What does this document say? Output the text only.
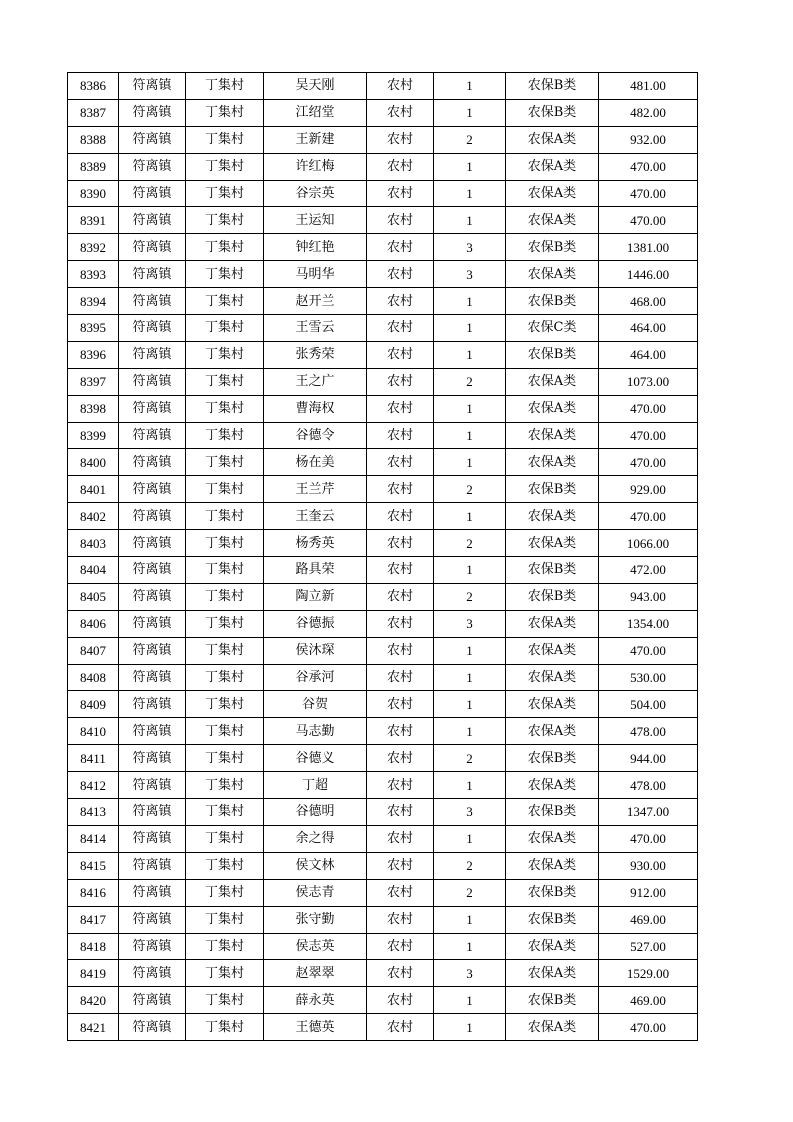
8386	符离镇	丁集村	吴天刚	农村	1	农保B类	481.00
8387	符离镇	丁集村	江绍堂	农村	1	农保B类	482.00
8388	符离镇	丁集村	王新建	农村	2	农保A类	932.00
8389	符离镇	丁集村	许红梅	农村	1	农保A类	470.00
8390	符离镇	丁集村	谷宗英	农村	1	农保A类	470.00
8391	符离镇	丁集村	王运知	农村	1	农保A类	470.00
8392	符离镇	丁集村	钟红艳	农村	3	农保B类	1381.00
8393	符离镇	丁集村	马明华	农村	3	农保A类	1446.00
8394	符离镇	丁集村	赵开兰	农村	1	农保B类	468.00
8395	符离镇	丁集村	王雪云	农村	1	农保C类	464.00
8396	符离镇	丁集村	张秀荣	农村	1	农保B类	464.00
8397	符离镇	丁集村	王之广	农村	2	农保A类	1073.00
8398	符离镇	丁集村	曹海权	农村	1	农保A类	470.00
8399	符离镇	丁集村	谷德令	农村	1	农保A类	470.00
8400	符离镇	丁集村	杨在美	农村	1	农保A类	470.00
8401	符离镇	丁集村	王兰芹	农村	2	农保B类	929.00
8402	符离镇	丁集村	王奎云	农村	1	农保A类	470.00
8403	符离镇	丁集村	杨秀英	农村	2	农保A类	1066.00
8404	符离镇	丁集村	路具荣	农村	1	农保B类	472.00
8405	符离镇	丁集村	陶立新	农村	2	农保B类	943.00
8406	符离镇	丁集村	谷德振	农村	3	农保A类	1354.00
8407	符离镇	丁集村	侯沐琛	农村	1	农保A类	470.00
8408	符离镇	丁集村	谷承河	农村	1	农保A类	530.00
8409	符离镇	丁集村	谷贺	农村	1	农保A类	504.00
8410	符离镇	丁集村	马志勤	农村	1	农保A类	478.00
8411	符离镇	丁集村	谷德义	农村	2	农保B类	944.00
8412	符离镇	丁集村	丁超	农村	1	农保A类	478.00
8413	符离镇	丁集村	谷德明	农村	3	农保B类	1347.00
8414	符离镇	丁集村	余之得	农村	1	农保A类	470.00
8415	符离镇	丁集村	侯文林	农村	2	农保A类	930.00
8416	符离镇	丁集村	侯志青	农村	2	农保B类	912.00
8417	符离镇	丁集村	张守勤	农村	1	农保B类	469.00
8418	符离镇	丁集村	侯志英	农村	1	农保A类	527.00
8419	符离镇	丁集村	赵翠翠	农村	3	农保A类	1529.00
8420	符离镇	丁集村	薛永英	农村	1	农保B类	469.00
8421	符离镇	丁集村	王德英	农村	1	农保A类	470.00
